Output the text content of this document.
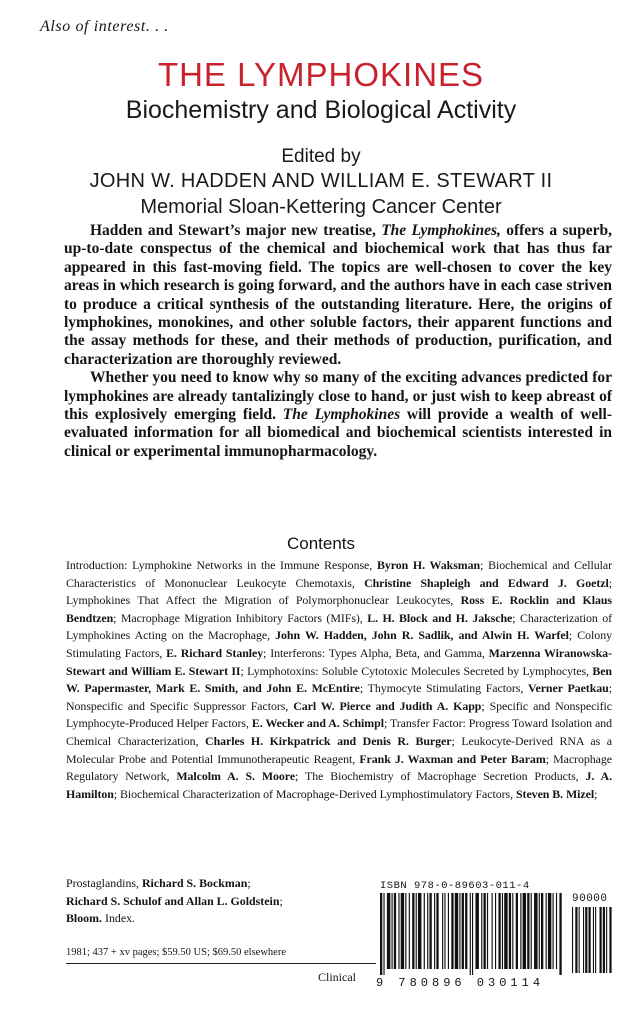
Also of interest. . .
THE LYMPHOKINES
Biochemistry and Biological Activity
Edited by
JOHN W. HADDEN AND WILLIAM E. STEWART II
Memorial Sloan-Kettering Cancer Center

Hadden and Stewart’s major new treatise, The Lymphokines, offers a superb, up-to-date conspectus of the chemical and biochemical work that has thus far appeared in this fast-moving field. The topics are well-chosen to cover the key areas in which research is going forward, and the authors have in each case striven to produce a critical synthesis of the outstanding literature. Here, the origins of lymphokines, monokines, and other soluble factors, their apparent functions and the assay methods for these, and their methods of production, purification, and characterization are thoroughly reviewed.

Whether you need to know why so many of the exciting advances predicted for lymphokines are already tantalizingly close to hand, or just wish to keep abreast of this explosively emerging field. The Lymphokines will provide a wealth of well-evaluated information for all biomedical and biochemical scientists interested in clinical or experimental immunopharmacology.

Contents
Introduction: Lymphokine Networks in the Immune Response, Byron H. Waksman; Biochemical and Cellular Characteristics of Mononuclear Leukocyte Chemotaxis, Christine Shapleigh and Edward J. Goetzl; Lymphokines That Affect the Migration of Polymorphonuclear Leukocytes, Ross E. Rocklin and Klaus Bendtzen; Macrophage Migration Inhibitory Factors (MIFs), L. H. Block and H. Jaksche; Characterization of Lymphokines Acting on the Macrophage, John W. Hadden, John R. Sadlik, and Alwin H. Warfel; Colony Stimulating Factors, E. Richard Stanley; Interferons: Types Alpha, Beta, and Gamma, Marzenna Wiranowska-Stewart and William E. Stewart II; Lymphotoxins: Soluble Cytotoxic Molecules Secreted by Lymphocytes, Ben W. Papermaster, Mark E. Smith, and John E. McEntire; Thymocyte Stimulating Factors, Verner Paetkau; Nonspecific and Specific Suppressor Factors, Carl W. Pierce and Judith A. Kapp; Specific and Nonspecific Lymphocyte-Produced Helper Factors, E. Wecker and A. Schimpl; Transfer Factor: Progress Toward Isolation and Chemical Characterization, Charles H. Kirkpatrick and Denis R. Burger; Leukocyte-Derived RNA as a Molecular Probe and Potential Immunotherapeutic Reagent, Frank J. Waxman and Peter Baram; Macrophage Regulatory Network, Malcolm A. S. Moore; The Biochemistry of Macrophage Secretion Products, J. A. Hamilton; Biochemical Characterization of Macrophage-Derived Lymphostimulatory Factors, Steven B. Mizel;
Prostaglandins, Richard S. Bockman;
Richard S. Schulof and Allan L. Goldstein;
Bloom. Index.
1981; 437 + xv pages; $59.50 US; $69.50 elsewhere
Clinical
ISBN 978-0-89603-011-4
90000
9 780896 030114
